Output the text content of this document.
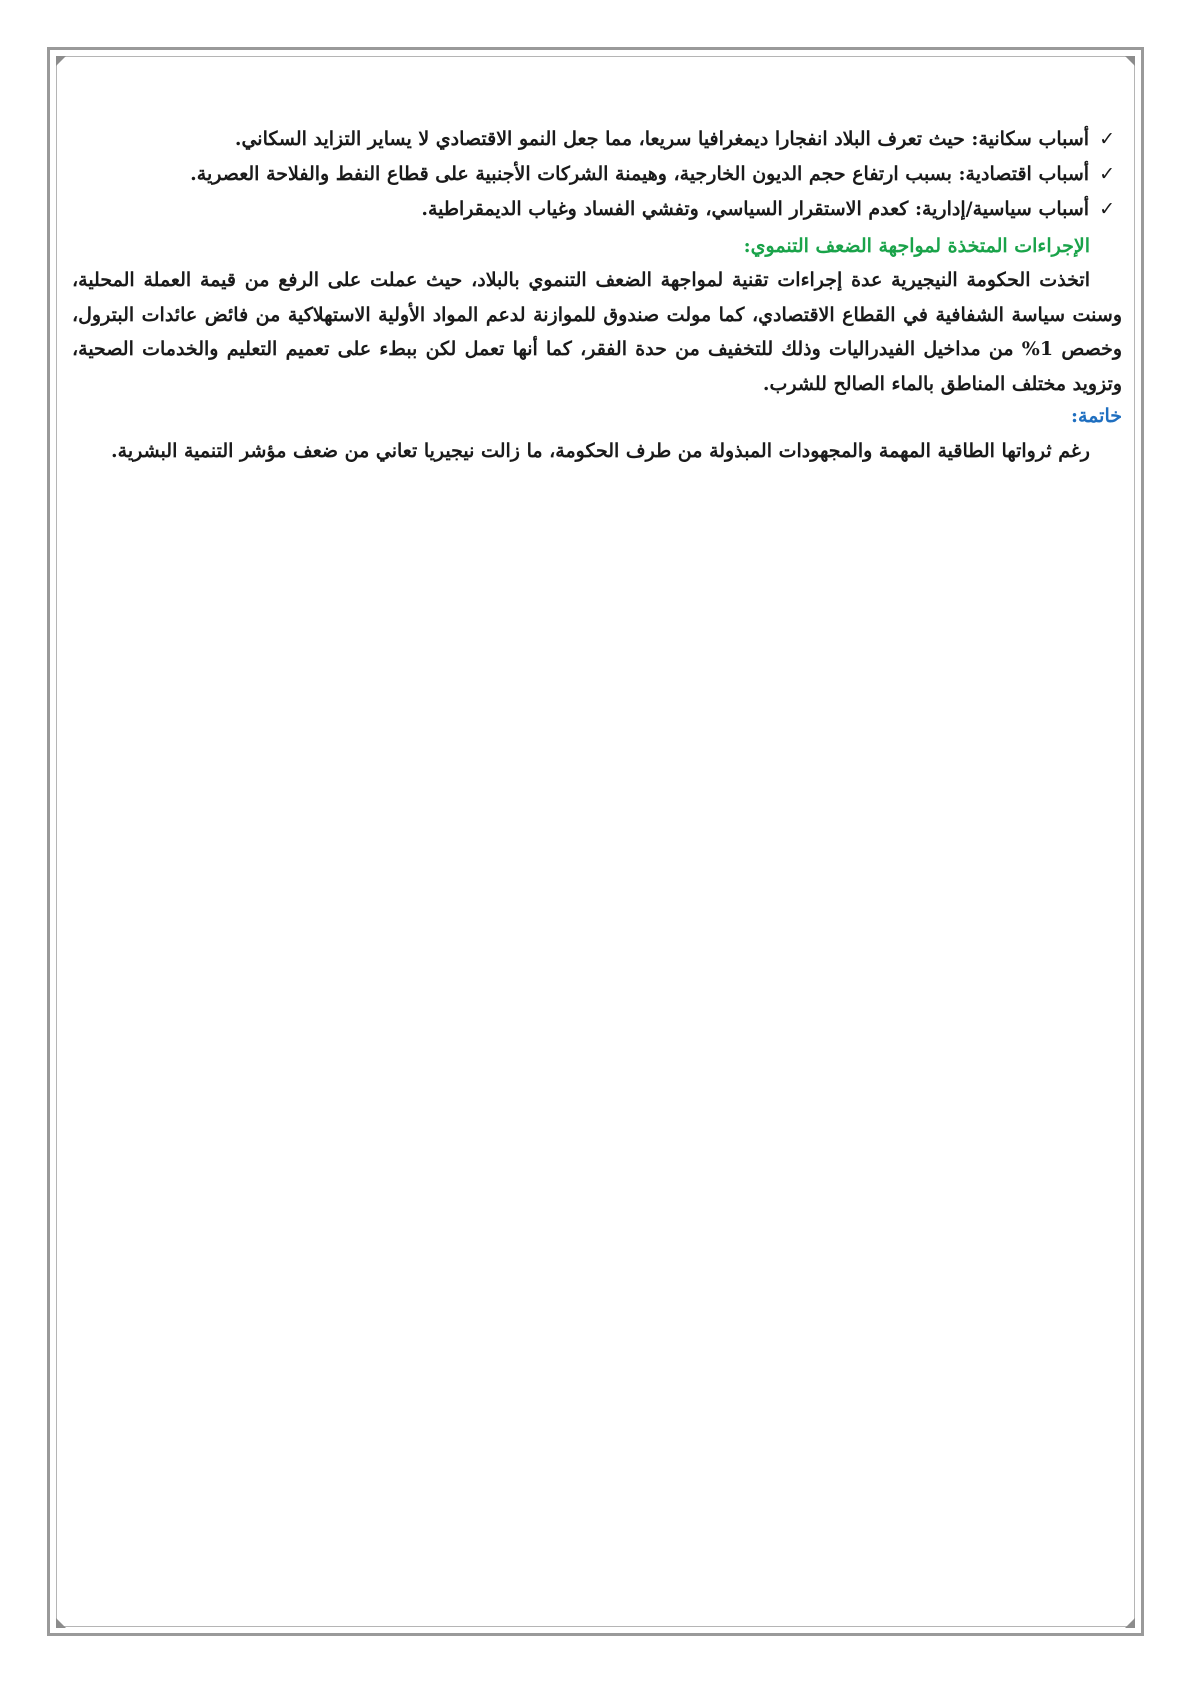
✓أسباب سكانية: حيث تعرف البلاد انفجارا ديمغرافيا سريعا، مما جعل النمو الاقتصادي لا يساير التزايد السكاني.
✓أسباب اقتصادية: بسبب ارتفاع حجم الديون الخارجية، وهيمنة الشركات الأجنبية على قطاع النفط والفلاحة العصرية.
✓أسباب سياسية/إدارية: كعدم الاستقرار السياسي، وتفشي الفساد وغياب الديمقراطية.
الإجراءات المتخذة لمواجهة الضعف التنموي:
اتخذت الحكومة النيجيرية عدة إجراءات تقنية لمواجهة الضعف التنموي بالبلاد، حيث عملت على الرفع من قيمة العملة المحلية، وسنت سياسة الشفافية في القطاع الاقتصادي، كما مولت صندوق للموازنة لدعم المواد الأولية الاستهلاكية من فائض عائدات البترول، وخصص 1% من مداخيل الفيدراليات وذلك للتخفيف من حدة الفقر، كما أنها تعمل لكن ببطء على تعميم التعليم والخدمات الصحية، وتزويد مختلف المناطق بالماء الصالح للشرب.
خاتمة:
رغم ثرواتها الطاقية المهمة والمجهودات المبذولة من طرف الحكومة، ما زالت نيجيريا تعاني من ضعف مؤشر التنمية البشرية.
